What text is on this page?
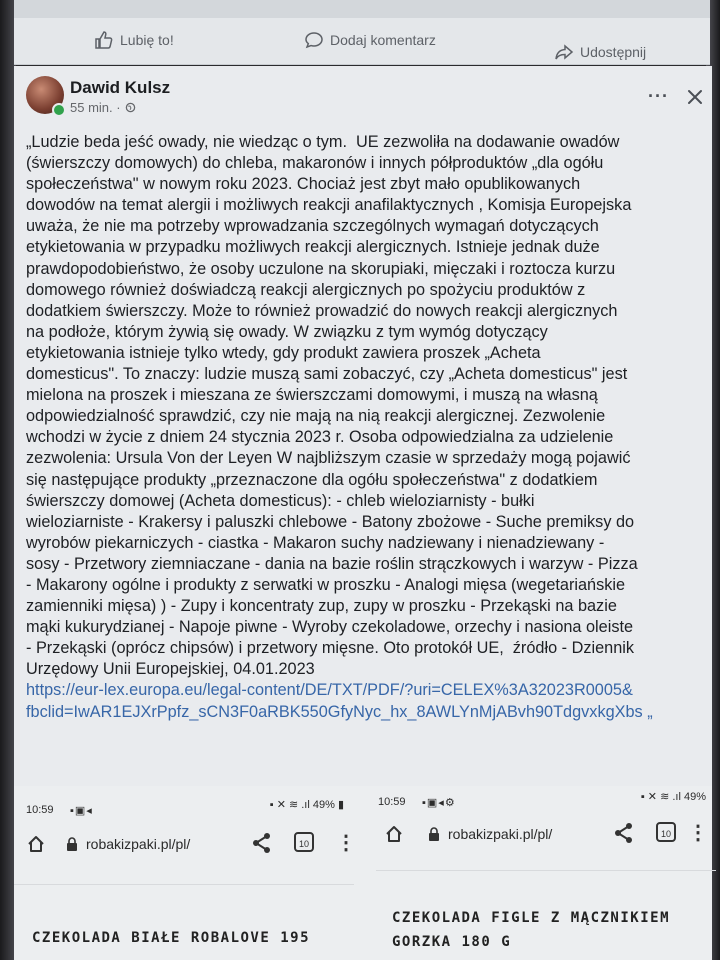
Lubię to!	Dodaj komentarz
Udostępnij
Dawid Kulsz
55 min. ·
···
„Ludzie beda jeść owady, nie wiedząc o tym.  UE zezwoliła na dodawanie owadów
(świerszczy domowych) do chleba, makaronów i innych półproduktów „dla ogółu
społeczeństwa" w nowym roku 2023. Chociaż jest zbyt mało opublikowanych
dowodów na temat alergii i możliwych reakcji anafilaktycznych , Komisja Europejska
uważa, że nie ma potrzeby wprowadzania szczególnych wymagań dotyczących
etykietowania w przypadku możliwych reakcji alergicznych. Istnieje jednak duże
prawdopodobieństwo, że osoby uczulone na skorupiaki, mięczaki i roztocza kurzu
domowego również doświadczą reakcji alergicznych po spożyciu produktów z
dodatkiem świerszczy. Może to również prowadzić do nowych reakcji alergicznych
na podłoże, którym żywią się owady. W związku z tym wymóg dotyczący
etykietowania istnieje tylko wtedy, gdy produkt zawiera proszek „Acheta
domesticus". To znaczy: ludzie muszą sami zobaczyć, czy „Acheta domesticus" jest
mielona na proszek i mieszana ze świerszczami domowymi, i muszą na własną
odpowiedzialność sprawdzić, czy nie mają na nią reakcji alergicznej. Zezwolenie
wchodzi w życie z dniem 24 stycznia 2023 r. Osoba odpowiedzialna za udzielenie
zezwolenia: Ursula Von der Leyen W najbliższym czasie w sprzedaży mogą pojawić
się następujące produkty „przeznaczone dla ogółu społeczeństwa" z dodatkiem
świerszczy domowej (Acheta domesticus): - chleb wieloziarnisty - bułki
wieloziarniste - Krakersy i paluszki chlebowe - Batony zbożowe - Suche premiksy do
wyrobów piekarniczych - ciastka - Makaron suchy nadziewany i nienadziewany -
sosy - Przetwory ziemniaczane - dania na bazie roślin strączkowych i warzyw - Pizza
- Makarony ogólne i produkty z serwatki w proszku - Analogi mięsa (wegetariańskie
zamienniki mięsa) ) - Zupy i koncentraty zup, zupy w proszku - Przekąski na bazie
mąki kukurydzianej - Napoje piwne - Wyroby czekoladowe, orzechy i nasiona oleiste
- Przekąski (oprócz chipsów) i przetwory mięsne. Oto protokół UE,  źródło - Dziennik
Urzędowy Unii Europejskiej, 04.01.2023
https://eur-lex.europa.eu/legal-content/DE/TXT/PDF/?uri=CELEX%3A32023R0005&
fbclid=IwAR1EJXrPpfz_sCN3F0aRBK550GfyNyc_hx_8AWLYnMjABvh90TdgvxkgXbs „
10:59 ▪▣◂	▪ ✕ ≋ .ıl 49% ▮
robakizpaki.pl/pl/	10 ⋮
CZEKOLADA BIAŁE ROBALOVE 195
10:59 ▪▣◂⚙	▪ ✕ ≋ .ıl 49%
robakizpaki.pl/pl/	10 ⋮
CZEKOLADA FIGLE Z MĄCZNIKIEM
GORZKA 180 G
